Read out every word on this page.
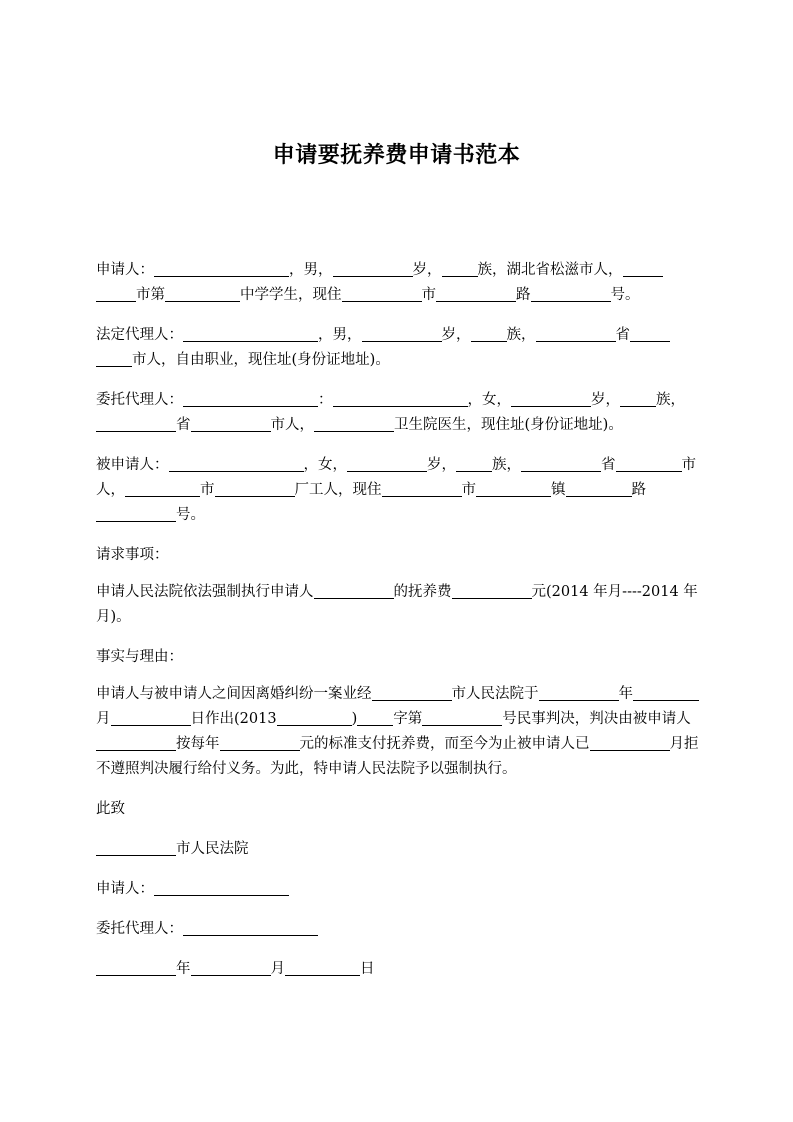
申请要抚养费申请书范本

申请人：	，男，	岁， 族，湖北省松滋市人，市第	中学学生，现住	市	路	号。

法定代理人：	，男，	岁， 族，	省市人，自由职业，现住址(身份证地址)。

委托代理人：	：	，女，	岁， 族，省	市人，	卫生院医生，现住址(身份证地址)。

被申请人：	，女，	岁， 族，	省	市人，	市	厂工人，现住	市	镇	路号。

请求事项：

申请人民法院依法强制执行申请人	的抚养费	元(2014 年月----2014 年月)。

事实与理由：

申请人与被申请人之间因离婚纠纷一案业经	市人民法院于	年月	日作出(2013	) 字第	号民事判决，判决由被申请人按每年	元的标准支付抚养费，而至今为止被申请人已	月拒不遵照判决履行给付义务。为此，特申请人民法院予以强制执行。

此致

市人民法院

申请人：

委托代理人：

年	月	日
